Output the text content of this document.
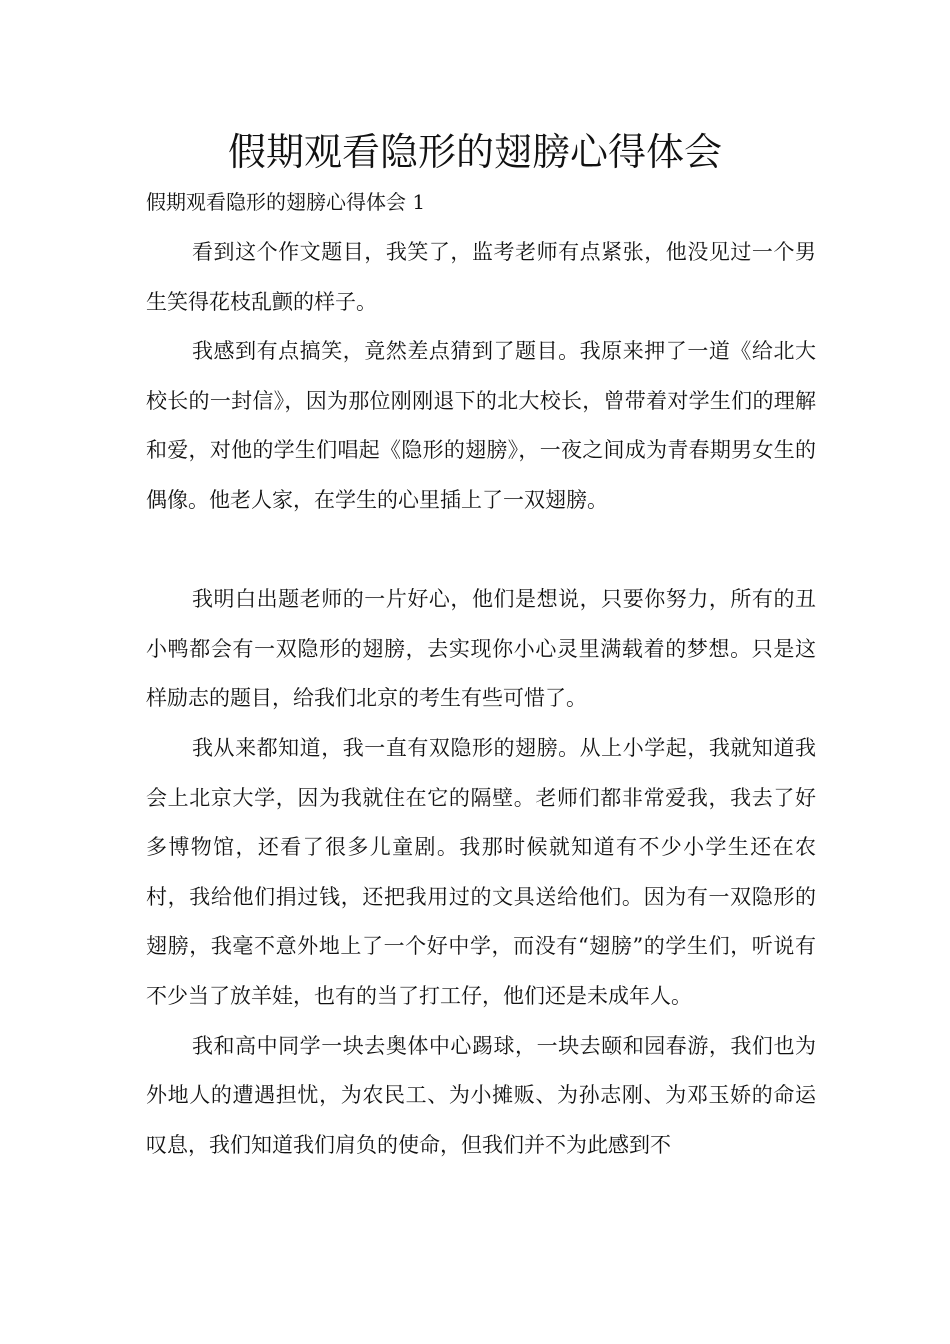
假期观看隐形的翅膀心得体会

假期观看隐形的翅膀心得体会 1

看到这个作文题目，我笑了，监考老师有点紧张，他没见过一个男生笑得花枝乱颤的样子。

我感到有点搞笑，竟然差点猜到了题目。我原来押了一道《给北大校长的一封信》，因为那位刚刚退下的北大校长，曾带着对学生们的理解和爱，对他的学生们唱起《隐形的翅膀》，一夜之间成为青春期男女生的偶像。他老人家，在学生的心里插上了一双翅膀。

我明白出题老师的一片好心，他们是想说，只要你努力，所有的丑小鸭都会有一双隐形的翅膀，去实现你小心灵里满载着的梦想。只是这样励志的题目，给我们北京的考生有些可惜了。

我从来都知道，我一直有双隐形的翅膀。从上小学起，我就知道我会上北京大学，因为我就住在它的隔壁。老师们都非常爱我，我去了好多博物馆，还看了很多儿童剧。我那时候就知道有不少小学生还在农村，我给他们捐过钱，还把我用过的文具送给他们。因为有一双隐形的翅膀，我毫不意外地上了一个好中学，而没有“翅膀”的学生们，听说有不少当了放羊娃，也有的当了打工仔，他们还是未成年人。

我和高中同学一块去奥体中心踢球，一块去颐和园春游，我们也为外地人的遭遇担忧，为农民工、为小摊贩、为孙志刚、为邓玉娇的命运叹息，我们知道我们肩负的使命，但我们并不为此感到不
